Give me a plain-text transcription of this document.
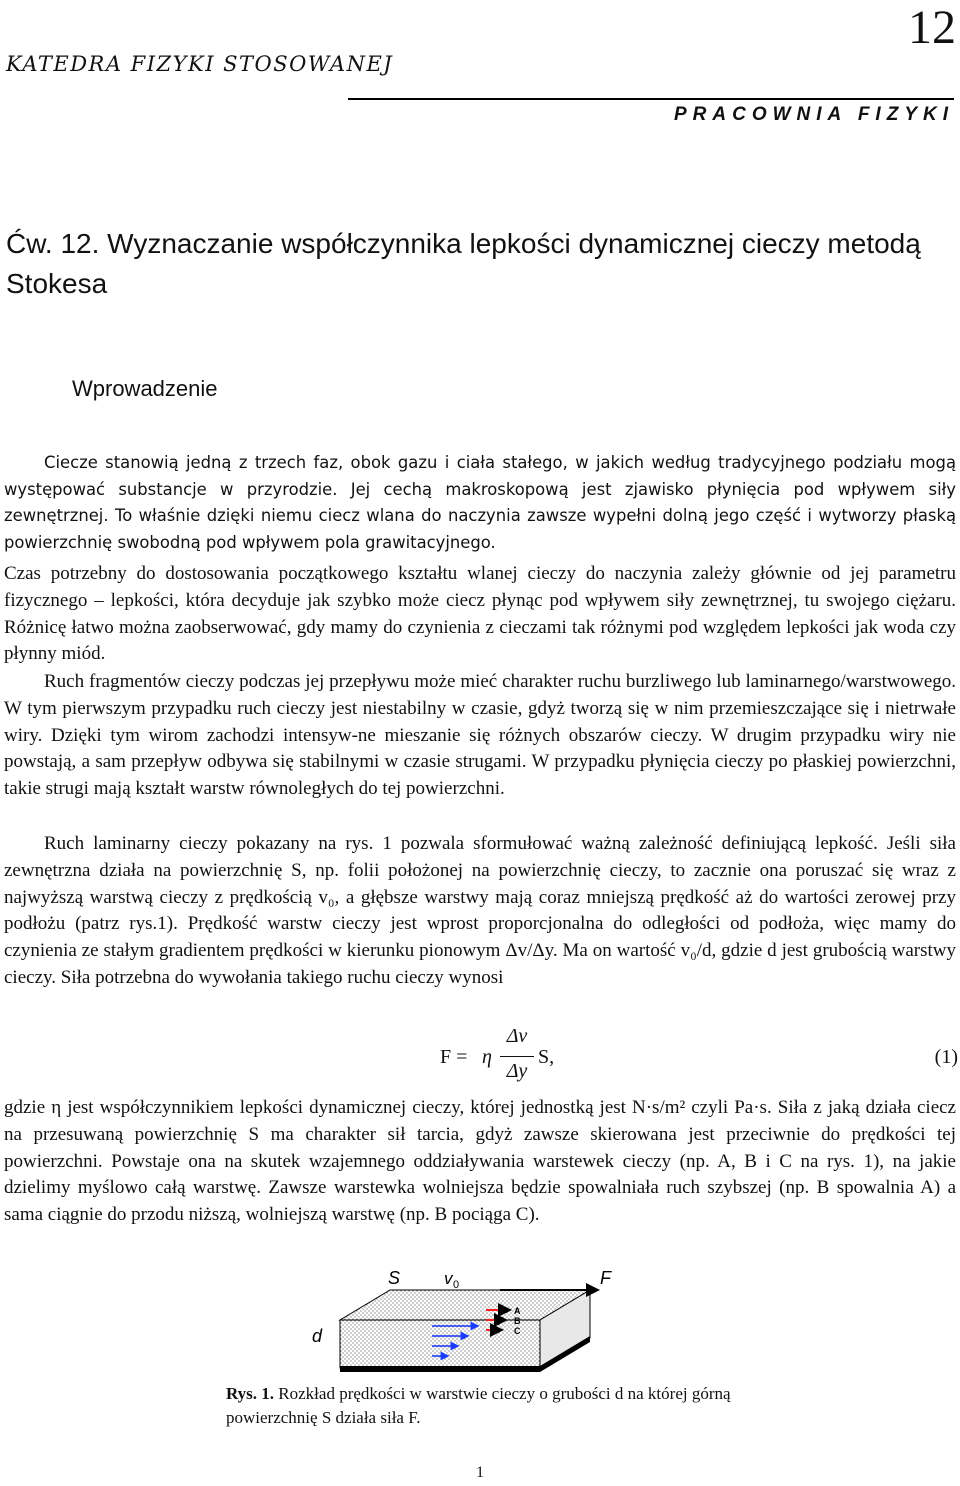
KATEDRA FIZYKI STOSOWANEJ
12
PRACOWNIA FIZYKI
Ćw. 12. Wyznaczanie współczynnika lepkości dynamicznej cieczy metodą Stokesa
Wprowadzenie

Ciecze stanowią jedną z trzech faz, obok gazu i ciała stałego, w jakich według tradycyjnego podziału mogą występować substancje w przyrodzie. Jej cechą makroskopową jest zjawisko płynięcia pod wpływem siły zewnętrznej. To właśnie dzięki niemu ciecz wlana do naczynia zawsze wypełni dolną jego część i wytworzy płaską powierzchnię swobodną pod wpływem pola grawitacyjnego.

Czas potrzebny do dostosowania początkowego kształtu wlanej cieczy do naczynia zależy głównie od jej parametru fizycznego – lepkości, która decyduje jak szybko może ciecz płynąc pod wpływem siły zewnętrznej, tu swojego ciężaru. Różnicę łatwo można zaobserwować, gdy mamy do czynienia z cieczami tak różnymi pod względem lepkości jak woda czy płynny miód.

Ruch fragmentów cieczy podczas jej przepływu może mieć charakter ruchu burzliwego lub laminarnego/warstwowego. W tym pierwszym przypadku ruch cieczy jest niestabilny w czasie, gdyż tworzą się w nim przemieszczające się i nietrwałe wiry. Dzięki tym wirom zachodzi intensyw-ne mieszanie się różnych obszarów cieczy. W drugim przypadku wiry nie powstają, a sam przepływ odbywa się stabilnymi w czasie strugami. W przypadku płynięcia cieczy po płaskiej powierzchni, takie strugi mają kształt warstw równoległych do tej powierzchni.

Ruch laminarny cieczy pokazany na rys. 1 pozwala sformułować ważną zależność definiującą lepkość. Jeśli siła zewnętrzna działa na powierzchnię S, np. folii położonej na powierzchnię cieczy, to zacznie ona poruszać się wraz z najwyższą warstwą cieczy z prędkością v₀, a głębsze warstwy mają coraz mniejszą prędkość aż do wartości zerowej przy podłożu (patrz rys.1). Prędkość warstw cieczy jest wprost proporcjonalna do odległości od podłoża, więc mamy do czynienia ze stałym gradientem prędkości w kierunku pionowym Δv/Δy. Ma on wartość v₀/d, gdzie d jest grubością warstwy cieczy. Siła potrzebna do wywołania takiego ruchu cieczy wynosi

F = η
Δv
Δy
S,	(1)

gdzie η jest współczynnikiem lepkości dynamicznej cieczy, której jednostką jest N·s/m² czyli Pa·s. Siła z jaką działa ciecz na przesuwaną powierzchnię S ma charakter sił tarcia, gdyż zawsze skierowana jest przeciwnie do prędkości tej powierzchni. Powstaje ona na skutek wzajemnego oddziaływania warstewek cieczy (np. A, B i C na rys. 1), na jakie dzielimy myślowo całą warstwę. Zawsze warstewka wolniejsza będzie spowalniała ruch szybszej (np. B spowalnia A) a sama ciągnie do przodu niższą, wolniejszą warstwę (np. B pociąga C).

S	v 0	F
d
A
B
C
Rys. 1. Rozkład prędkości w warstwie cieczy o grubości d na której górną powierzchnię S działa siła F.
1
